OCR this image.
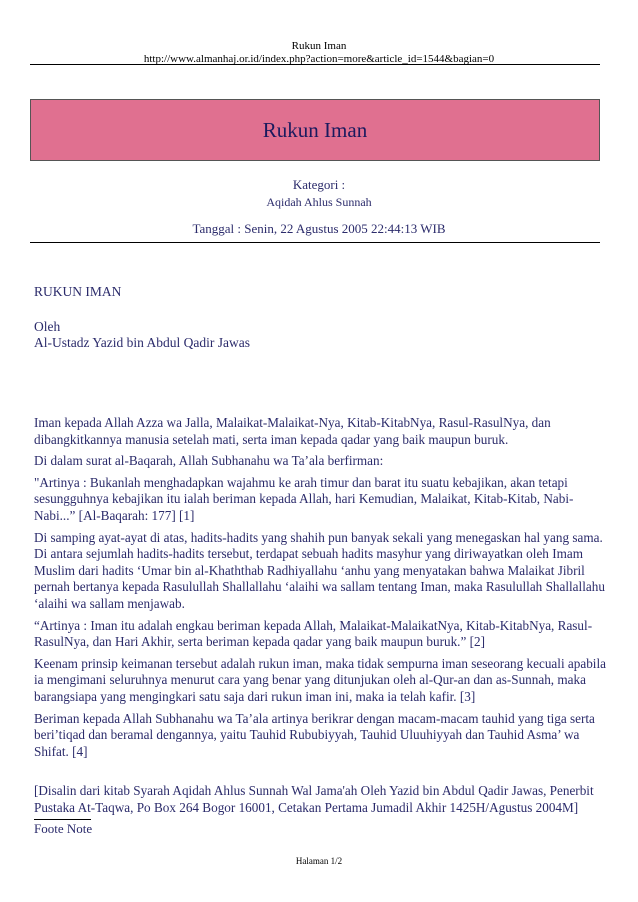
Rukun Iman
http://www.almanhaj.or.id/index.php?action=more&article_id=1544&bagian=0
Rukun Iman
Kategori :
Aqidah Ahlus Sunnah
Tanggal : Senin, 22 Agustus 2005 22:44:13 WIB
RUKUN IMAN
Oleh
Al-Ustadz Yazid bin Abdul Qadir Jawas

Iman kepada Allah Azza wa Jalla, Malaikat-Malaikat-Nya, Kitab-KitabNya, Rasul-RasulNya, dan dibangkitkannya manusia setelah mati, serta iman kepada qadar yang baik maupun buruk.

Di dalam surat al-Baqarah, Allah Subhanahu wa Ta’ala berfirman:

"Artinya : Bukanlah menghadapkan wajahmu ke arah timur dan barat itu suatu kebajikan, akan tetapi sesungguhnya kebajikan itu ialah beriman kepada Allah, hari Kemudian, Malaikat, Kitab-Kitab, Nabi-Nabi...” [Al-Baqarah: 177] [1]

Di samping ayat-ayat di atas, hadits-hadits yang shahih pun banyak sekali yang menegaskan hal yang sama. Di antara sejumlah hadits-hadits tersebut, terdapat sebuah hadits masyhur yang diriwayatkan oleh Imam Muslim dari hadits ‘Umar bin al-Khaththab Radhiyallahu ‘anhu yang menyatakan bahwa Malaikat Jibril pernah bertanya kepada Rasulullah Shallallahu ‘alaihi wa sallam tentang Iman, maka Rasulullah Shallallahu ‘alaihi wa sallam menjawab.

“Artinya : Iman itu adalah engkau beriman kepada Allah, Malaikat-MalaikatNya, Kitab-KitabNya, Rasul-RasulNya, dan Hari Akhir, serta beriman kepada qadar yang baik maupun buruk.” [2]

Keenam prinsip keimanan tersebut adalah rukun iman, maka tidak sempurna iman seseorang kecuali apabila ia mengimani seluruhnya menurut cara yang benar yang ditunjukan oleh al-Qur-an dan as-Sunnah, maka barangsiapa yang mengingkari satu saja dari rukun iman ini, maka ia telah kafir. [3]

Beriman kepada Allah Subhanahu wa Ta’ala artinya berikrar dengan macam-macam tauhid yang tiga serta beri’tiqad dan beramal dengannya, yaitu Tauhid Rububiyyah, Tauhid Uluuhiyyah dan Tauhid Asma’ wa Shifat. [4]

[Disalin dari kitab Syarah Aqidah Ahlus Sunnah Wal Jama'ah Oleh Yazid bin Abdul Qadir Jawas, Penerbit Pustaka At-Taqwa, Po Box 264 Bogor 16001, Cetakan Pertama Jumadil Akhir 1425H/Agustus 2004M]
Foote Note
Halaman 1/2
